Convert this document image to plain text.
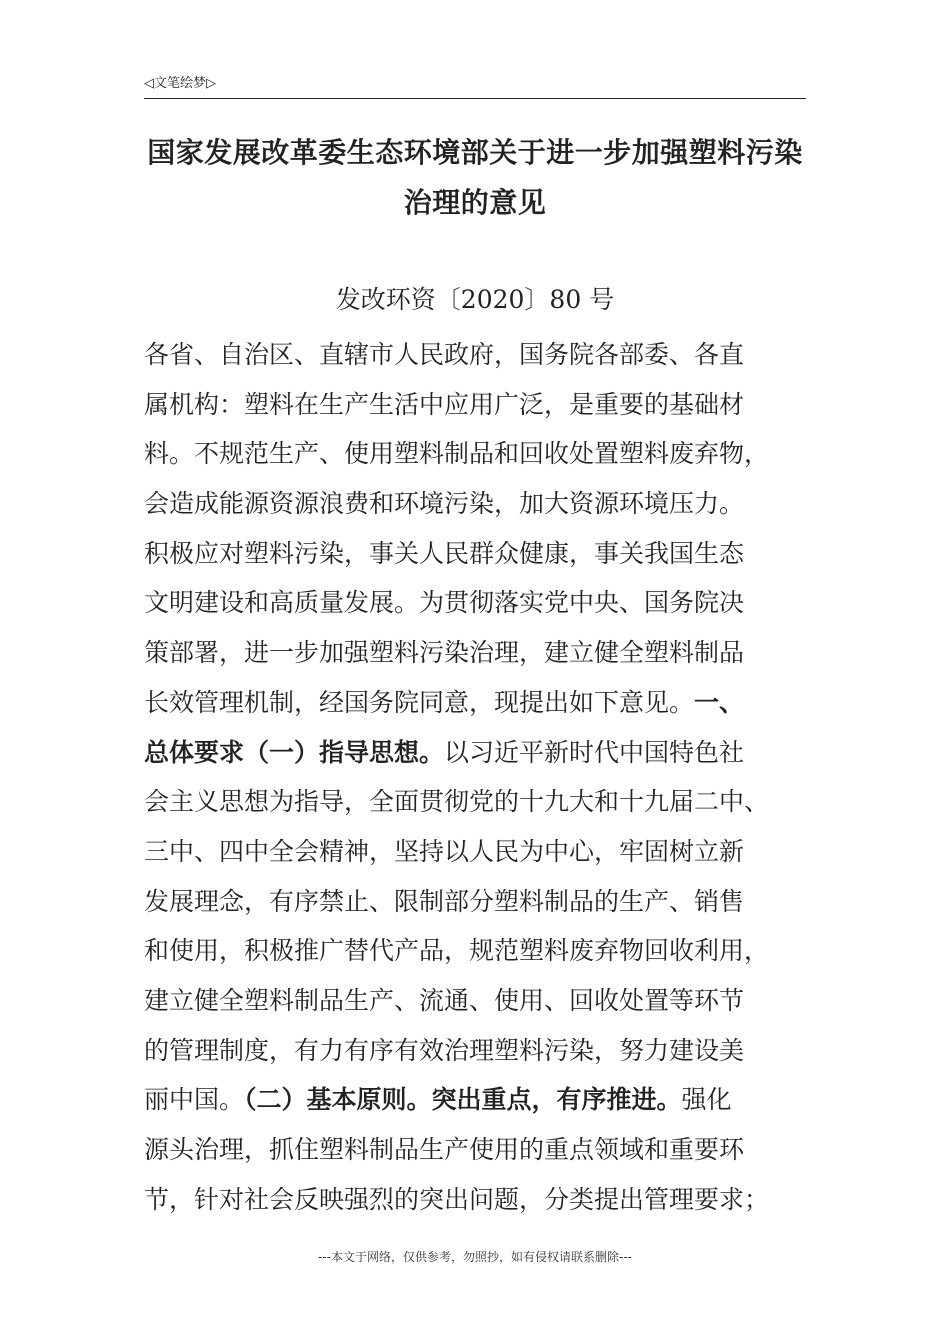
◁文笔绘梦▷
国家发展改革委生态环境部关于进一步加强塑料污染
治理的意见
发改环资〔2020〕80 号
各省、自治区、直辖市人民政府，国务院各部委、各直
属机构：塑料在生产生活中应用广泛，是重要的基础材
料。不规范生产、使用塑料制品和回收处置塑料废弃物，
会造成能源资源浪费和环境污染，加大资源环境压力。
积极应对塑料污染，事关人民群众健康，事关我国生态
文明建设和高质量发展。为贯彻落实党中央、国务院决
策部署，进一步加强塑料污染治理，建立健全塑料制品
长效管理机制，经国务院同意，现提出如下意见。一、
总体要求（一）指导思想。以习近平新时代中国特色社
会主义思想为指导，全面贯彻党的十九大和十九届二中、
三中、四中全会精神，坚持以人民为中心，牢固树立新
发展理念，有序禁止、限制部分塑料制品的生产、销售
和使用，积极推广替代产品，规范塑料废弃物回收利用，
建立健全塑料制品生产、流通、使用、回收处置等环节
的管理制度，有力有序有效治理塑料污染，努力建设美
丽中国。（二）基本原则。突出重点，有序推进。强化
源头治理，抓住塑料制品生产使用的重点领域和重要环
节，针对社会反映强烈的突出问题，分类提出管理要求；
---本文于网络，仅供参考，勿照抄，如有侵权请联系删除---
